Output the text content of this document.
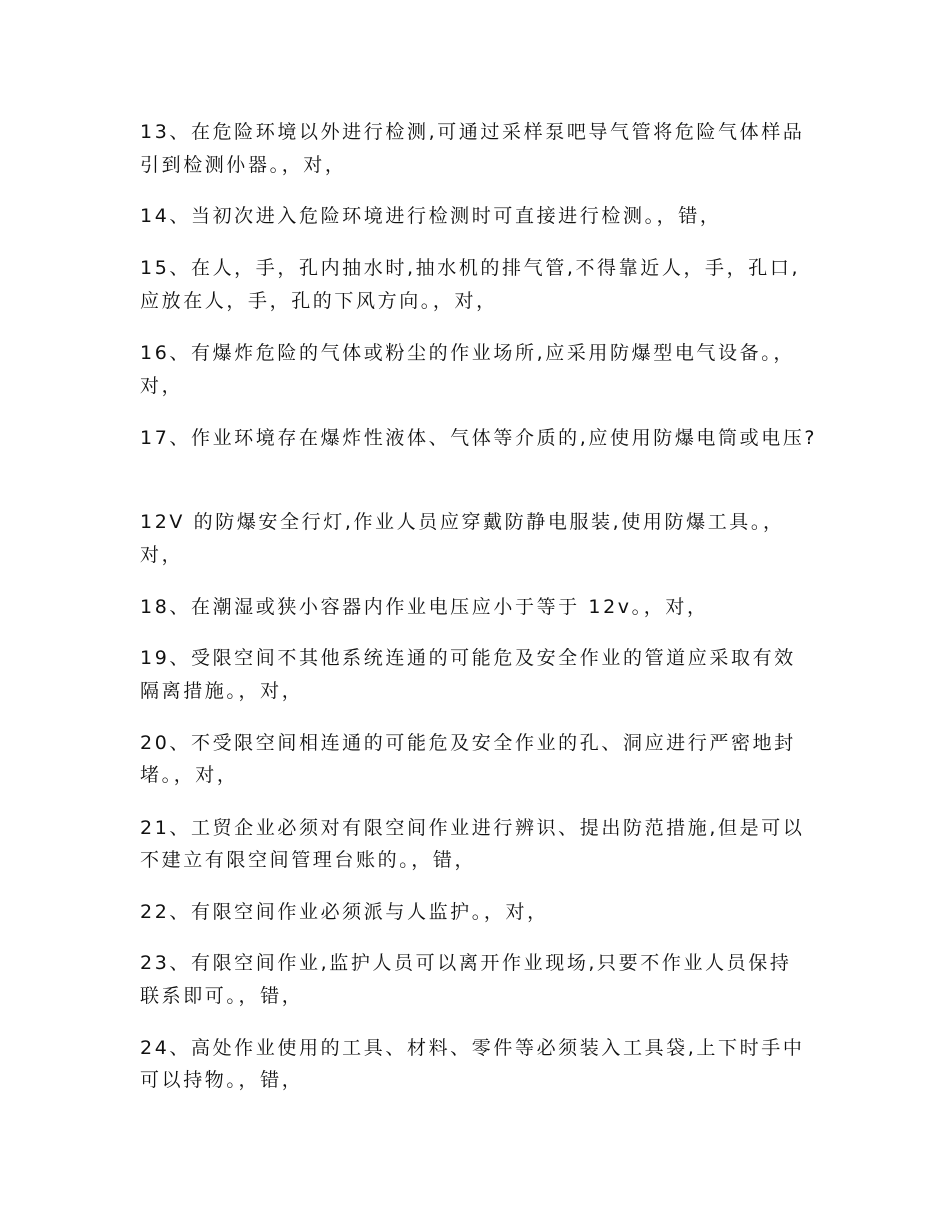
13、在危险环境以外进行检测,可通过采样泵吧导气管将危险气体样品
引到检测仦器。，对，
14、当初次进入危险环境进行检测时可直接进行检测。，错，
15、在人，手，孔内抽水时,抽水机的排气管,不得靠近人，手，孔口,
应放在人，手，孔的下风方向。，对，
16、有爆炸危险的气体或粉尘的作业场所,应采用防爆型电气设备。，
对，
17、作业环境存在爆炸性液体、气体等介质的,应使用防爆电筒或电压?
12V 的防爆安全行灯,作业人员应穿戴防静电服装,使用防爆工具。，
对，
18、在潮湿或狭小容器内作业电压应小于等于 12v。，对，
19、受限空间不其他系统连通的可能危及安全作业的管道应采取有效
隔离措施。，对，
20、不受限空间相连通的可能危及安全作业的孔、洞应进行严密地封
堵。，对，
21、工贸企业必须对有限空间作业进行辨识、提出防范措施,但是可以
不建立有限空间管理台账的。，错，
22、有限空间作业必须派与人监护。，对，
23、有限空间作业,监护人员可以离开作业现场,只要不作业人员保持
联系即可。，错，
24、高处作业使用的工具、材料、零件等必须装入工具袋,上下时手中
可以持物。，错，
